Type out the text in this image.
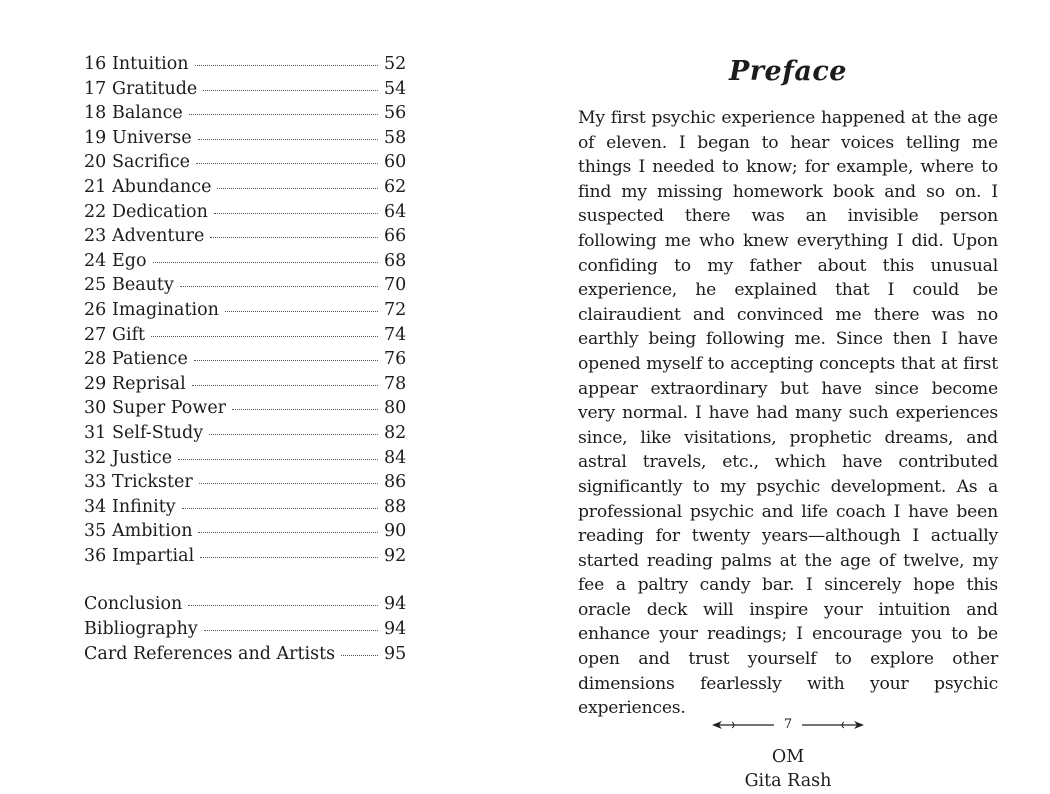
16 Intuition	52
17 Gratitude	54
18 Balance	56
19 Universe	58
20 Sacrifice	60
21 Abundance	62
22 Dedication	64
23 Adventure	66
24 Ego	68
25 Beauty	70
26 Imagination	72
27 Gift	74
28 Patience	76
29 Reprisal	78
30 Super Power	80
31 Self-Study	82
32 Justice	84
33 Trickster	86
34 Infinity	88
35 Ambition	90
36 Impartial	92
Conclusion	94
Bibliography	94
Card References and Artists	95
Preface
My first psychic experience happened at the age of eleven. I began to hear voices telling me things I needed to know; for example, where to find my missing homework book and so on. I suspected there was an invisible person following me who knew everything I did. Upon confiding to my father about this unusual experience, he explained that I could be clairaudient and convinced me there was no earthly being following me. Since then I have opened myself to accepting concepts that at first appear extraordinary but have since become very normal. I have had many such experiences since, like visitations, prophetic dreams, and astral travels, etc., which have contributed significantly to my psychic development. As a professional psychic and life coach I have been reading for twenty years—although I actually started reading palms at the age of twelve, my fee a paltry candy bar. I sincerely hope this oracle deck will inspire your intuition and enhance your readings; I encourage you to be open and trust yourself to explore other dimensions fearlessly with your psychic experiences.
OM
Gita Rash
7
